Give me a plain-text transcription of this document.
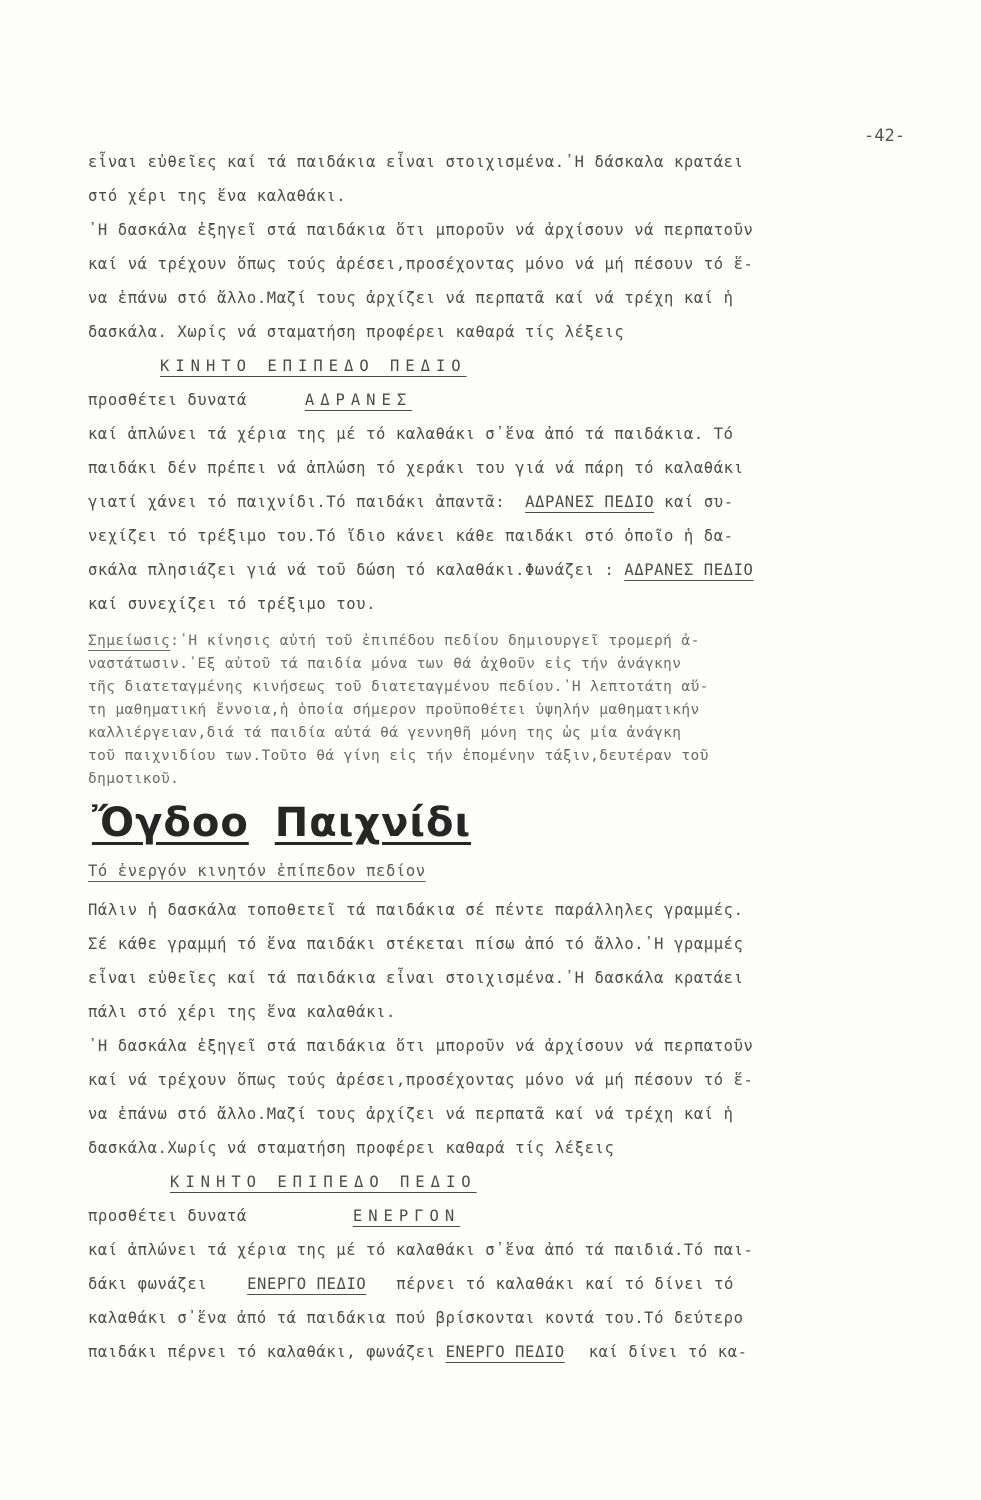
-42-
εἶναι εὐθεῖες καί τά παιδάκια εἶναι στοιχισμένα.᾿Η δάσκαλα κρατάει
στό χέρι της ἕνα καλαθάκι.
᾿Η δασκάλα ἐξηγεῖ στά παιδάκια ὅτι μποροῦν νά ἀρχίσουν νά περπατοῦν
καί νά τρέχουν ὅπως τούς ἀρέσει,προσέχοντας μόνο νά μή πέσουν τό ἕ-
να ἐπάνω στό ἄλλο.Μαζί τους ἀρχίζει νά περπατᾶ καί νά τρέχη καί ἡ
δασκάλα. Χωρίς νά σταματήση προφέρει καθαρά τίς λέξεις
ΚΙΝΗΤΟ ΕΠΙΠΕΔΟ ΠΕΔΙΟ
προσθέτει δυνατά	ΑΔΡΑΝΕΣ
καί ἁπλώνει τά χέρια της μέ τό καλαθάκι σ᾿ἕνα ἀπό τά παιδάκια. Τό
παιδάκι δέν πρέπει νά ἁπλώση τό χεράκι του γιά νά πάρη τό καλαθάκι
γιατί χάνει τό παιχνίδι.Τό παιδάκι ἀπαντᾶ: ΑΔΡΑΝΕΣ ΠΕΔΙΟ καί συ-
νεχίζει τό τρέξιμο του.Τό ἴδιο κάνει κάθε παιδάκι στό ὁποῖο ἡ δα-
σκάλα πλησιάζει γιά νά τοῦ δώση τό καλαθάκι.Φωνάζει : ΑΔΡΑΝΕΣ ΠΕΔΙΟ
καί συνεχίζει τό τρέξιμο του.
Σημείωσις:᾿Η κίνησις αὐτή τοῦ ἐπιπέδου πεδίου δημιουργεῖ τρομερή ἀ-
ναστάτωσιν.᾿Εξ αὐτοῦ τά παιδία μόνα των θά ἀχθοῦν εἰς τήν ἀνάγκην
τῆς διατεταγμένης κινήσεως τοῦ διατεταγμένου πεδίου.᾿Η λεπτοτάτη αὕ-
τη μαθηματική ἔννοια,ἡ ὁποία σήμερον προϋποθέτει ὑψηλήν μαθηματικήν
καλλιέργειαν,διά τά παιδία αὐτά θά γεννηθῆ μόνη της ὡς μία ἀνάγκη
τοῦ παιχνιδίου των.Τοῦτο θά γίνη εἰς τήν ἑπομένην τάξιν,δευτέραν τοῦ
δημοτικοῦ.
Ὄγδοο Παιχνίδι
Τό ἐνεργόν κινητόν ἐπίπεδον πεδίον
Πάλιν ἡ δασκάλα τοποθετεῖ τά παιδάκια σέ πέντε παράλληλες γραμμές.
Σέ κάθε γραμμή τό ἕνα παιδάκι στέκεται πίσω ἀπό τό ἄλλο.᾿Η γραμμές
εἶναι εὐθεῖες καί τά παιδάκια εἶναι στοιχισμένα.᾿Η δασκάλα κρατάει
πάλι στό χέρι της ἕνα καλαθάκι.
᾿Η δασκάλα ἐξηγεῖ στά παιδάκια ὅτι μποροῦν νά ἀρχίσουν νά περπατοῦν
καί νά τρέχουν ὅπως τούς ἀρέσει,προσέχοντας μόνο νά μή πέσουν τό ἕ-
να ἐπάνω στό ἄλλο.Μαζί τους ἀρχίζει νά περπατᾶ καί νά τρέχη καί ἡ
δασκάλα.Χωρίς νά σταματήση προφέρει καθαρά τίς λέξεις
ΚΙΝΗΤΟ ΕΠΙΠΕΔΟ ΠΕΔΙΟ
προσθέτει δυνατά	ΕΝΕΡΓΟΝ
καί ἁπλώνει τά χέρια της μέ τό καλαθάκι σ᾿ἕνα ἀπό τά παιδιά.Τό παι-
δάκι φωνάζει	ΕΝΕΡΓΟ ΠΕΔΙΟ πέρνει τό καλαθάκι καί τό δίνει τό
καλαθάκι σ᾿ἕνα ἀπό τά παιδάκια πού βρίσκονται κοντά του.Τό δεύτερο
παιδάκι πέρνει τό καλαθάκι, φωνάζει ΕΝΕΡΓΟ ΠΕΔΙΟ καί δίνει τό κα-
